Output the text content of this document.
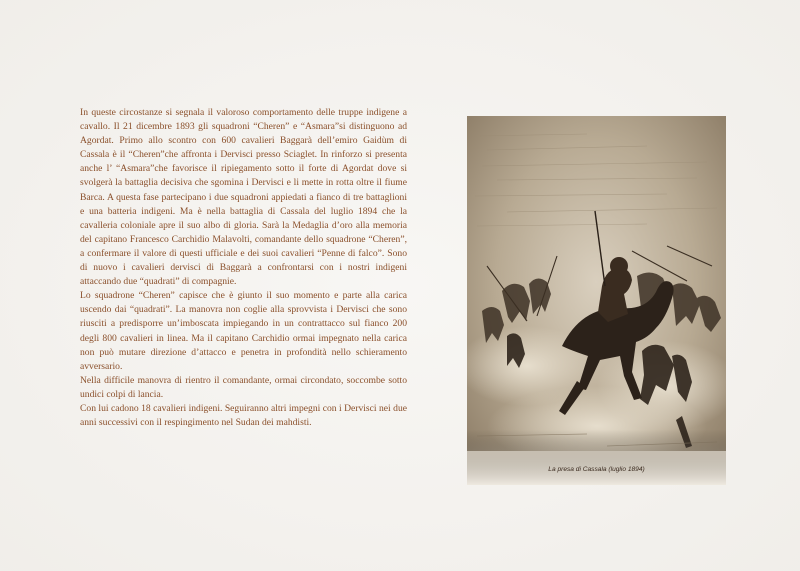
In queste circostanze si segnala il valoroso comportamento delle truppe indigene a cavallo. Il 21 dicembre 1893 gli squadroni “Cheren” e “Asmara”si distinguono ad Agordat. Primo allo scontro con 600 cavalieri Baggarà dell’emiro Gaidùm di Cassala è il “Cheren”che affronta i Dervisci presso Sciaglet. In rinforzo si presenta anche l’ “Asmara”che favorisce il ripiegamento sotto il forte di Agordat dove si svolgerà la battaglia decisiva che sgomina i Dervisci e li mette in rotta oltre il fiume Barca. A questa fase partecipano i due squadroni appiedati a fianco di tre battaglioni e una batteria indigeni. Ma è nella battaglia di Cassala del luglio 1894 che la cavalleria coloniale apre il suo albo di gloria. Sarà la Medaglia d’oro alla memoria del capitano Francesco Carchidio Malavolti, comandante dello squadrone “Cheren”, a confermare il valore di questi ufficiale e dei suoi cavalieri “Penne di falco”. Sono di nuovo i cavalieri dervisci di Baggarà a confrontarsi con i nostri indigeni attaccando due “quadrati” di compagnie.

Lo squadrone “Cheren” capisce che è giunto il suo momento e parte alla carica uscendo dai “quadrati”. La manovra non coglie alla sprovvista i Dervisci che sono riusciti a predisporre un’imboscata impiegando in un contrattacco sul fianco 200 degli 800 cavalieri in linea. Ma il capitano Carchidio ormai impegnato nella carica non può mutare direzione d’attacco e penetra in profondità nello schieramento avversario.

Nella difficile manovra di rientro il comandante, ormai circondato, soccombe sotto undici colpi di lancia.

Con lui cadono 18 cavalieri indigeni. Seguiranno altri impegni con i Dervisci nei due anni successivi con il respingimento nel Sudan dei mahdisti.

La presa di Cassala (luglio 1894)
